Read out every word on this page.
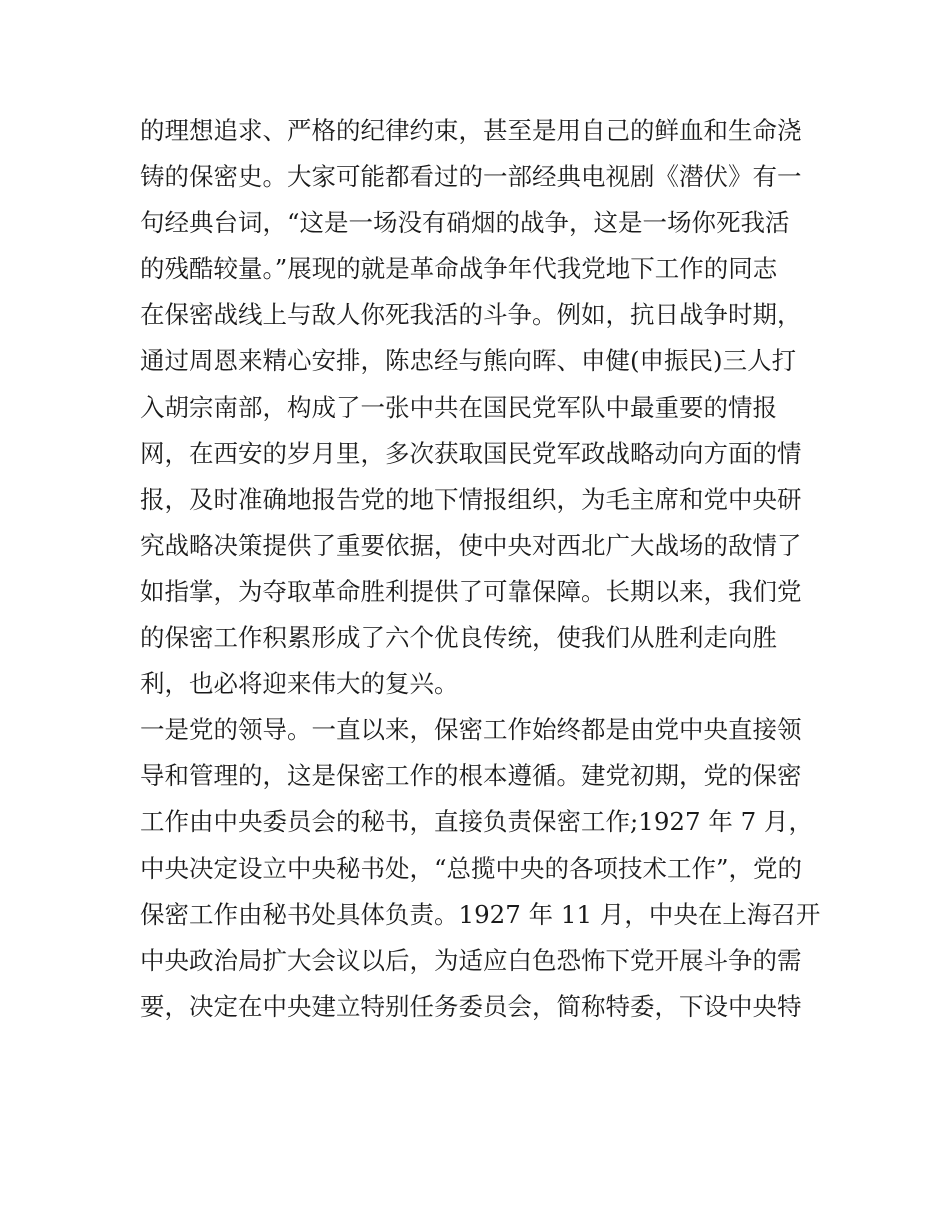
的理想追求、严格的纪律约束，甚至是用自己的鲜血和生命浇
铸的保密史。大家可能都看过的一部经典电视剧《潜伏》有一
句经典台词，“这是一场没有硝烟的战争，这是一场你死我活
的残酷较量。”展现的就是革命战争年代我党地下工作的同志
在保密战线上与敌人你死我活的斗争。例如，抗日战争时期，
通过周恩来精心安排，陈忠经与熊向晖、申健(申振民)三人打
入胡宗南部，构成了一张中共在国民党军队中最重要的情报
网，在西安的岁月里，多次获取国民党军政战略动向方面的情
报，及时准确地报告党的地下情报组织，为毛主席和党中央研
究战略决策提供了重要依据，使中央对西北广大战场的敌情了
如指掌，为夺取革命胜利提供了可靠保障。长期以来，我们党
的保密工作积累形成了六个优良传统，使我们从胜利走向胜
利，也必将迎来伟大的复兴。
一是党的领导。一直以来，保密工作始终都是由党中央直接领
导和管理的，这是保密工作的根本遵循。建党初期，党的保密
工作由中央委员会的秘书，直接负责保密工作;1927 年 7 月，
中央决定设立中央秘书处，“总揽中央的各项技术工作”，党的
保密工作由秘书处具体负责。1927 年 11 月，中央在上海召开
中央政治局扩大会议以后，为适应白色恐怖下党开展斗争的需
要，决定在中央建立特别任务委员会，简称特委，下设中央特
